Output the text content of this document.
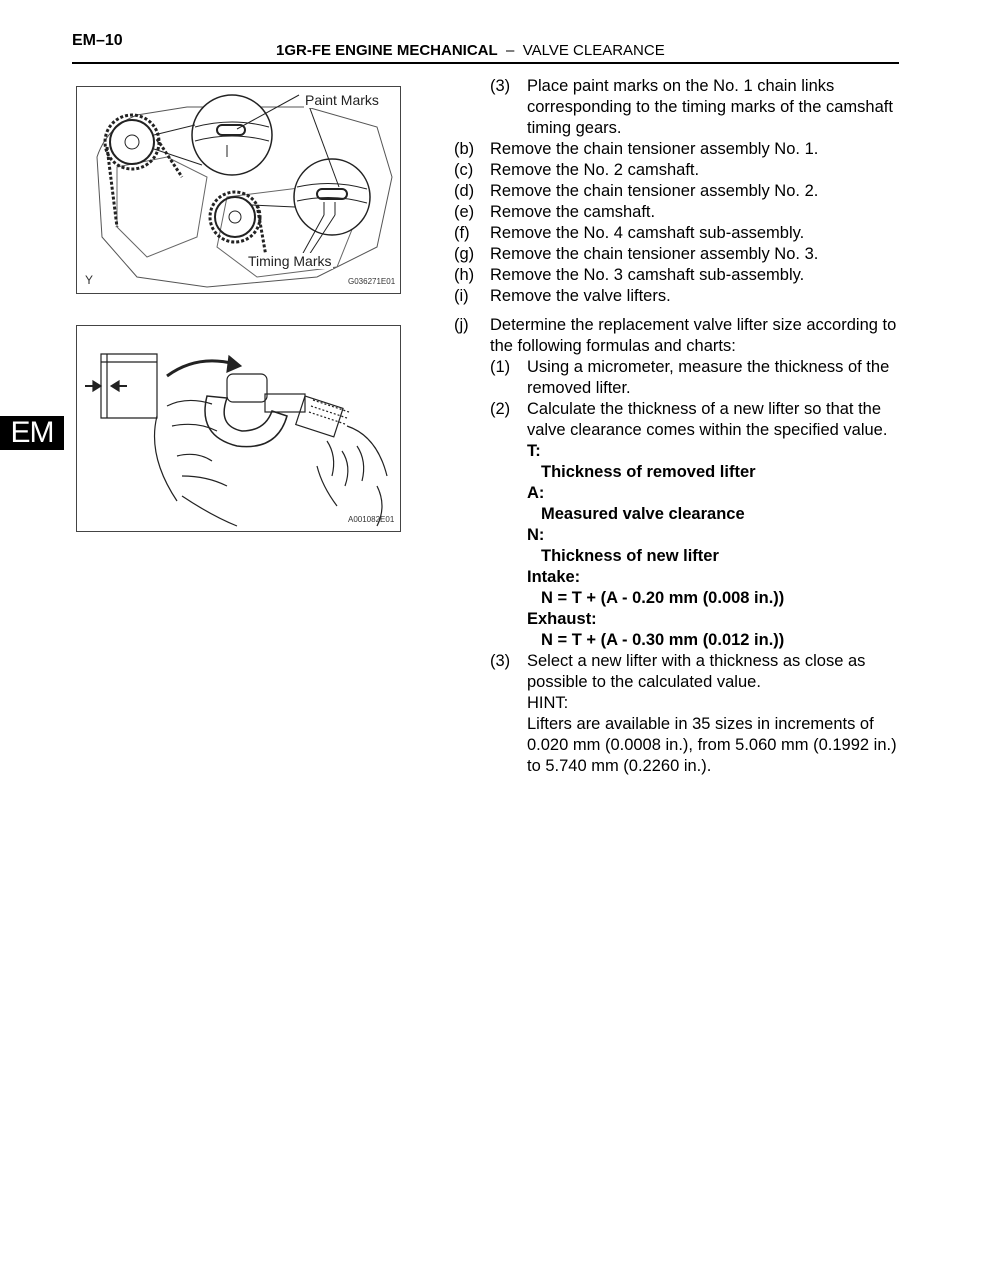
EM–10
1GR-FE ENGINE MECHANICAL – VALVE CLEARANCE
EM
Paint Marks
Timing Marks
Y	G036271E01
A001082E01
(3) Place paint marks on the No. 1 chain links corresponding to the timing marks of the camshaft timing gears.
(b) Remove the chain tensioner assembly No. 1.
(c) Remove the No. 2 camshaft.
(d) Remove the chain tensioner assembly No. 2.
(e) Remove the camshaft.
(f) Remove the No. 4 camshaft sub-assembly.
(g) Remove the chain tensioner assembly No. 3.
(h) Remove the No. 3 camshaft sub-assembly.
(i) Remove the valve lifters.
(j) Determine the replacement valve lifter size according to the following formulas and charts:
(1) Using a micrometer, measure the thickness of the removed lifter.
(2) Calculate the thickness of a new lifter so that the valve clearance comes within the specified value.
T:
Thickness of removed lifter
A:
Measured valve clearance
N:
Thickness of new lifter
Intake:
N = T + (A - 0.20 mm (0.008 in.))
Exhaust:
N = T + (A - 0.30 mm (0.012 in.))
(3) Select a new lifter with a thickness as close as possible to the calculated value.
HINT:
Lifters are available in 35 sizes in increments of 0.020 mm (0.0008 in.), from 5.060 mm (0.1992 in.) to 5.740 mm (0.2260 in.).
